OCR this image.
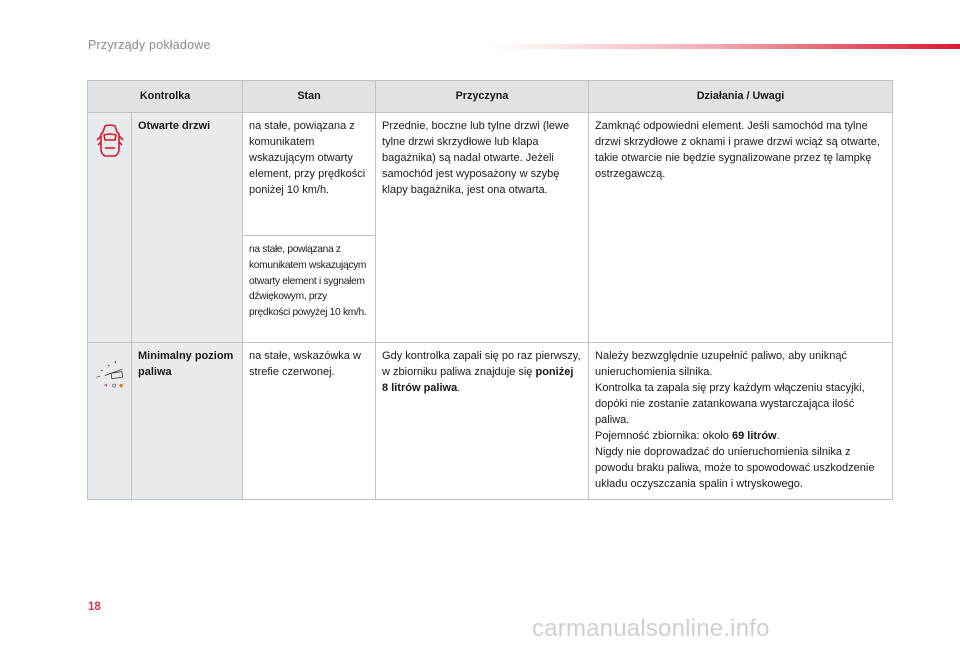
Przyrządy pokładowe
Kontrolka		Stan	Przyczyna	Działania / Uwagi

	Otwarte drzwi	na stałe, powiązana z komunikatem wskazującym otwarty element, przy prędkości poniżej 10 km/h.	Przednie, boczne lub tylne drzwi (lewe tylne drzwi skrzydłowe lub klapa bagażnika) są nadal otwarte. Jeżeli samochód jest wyposażony w szybę klapy bagażnika, jest ona otwarta.	Zamknąć odpowiedni element. Jeśli samochód ma tylne drzwi skrzydłowe z oknami i prawe drzwi wciąż są otwarte, takie otwarcie nie będzie sygnalizowane przez tę lampkę ostrzegawczą.
		na stałe, powiązana z komunikatem wskazującym otwarty element i sygnałem dźwiękowym, przy prędkości powyżej 10 km/h.		

0	Minimalny poziom paliwa	na stałe, wskazówka w strefie czerwonej.	Gdy kontrolka zapali się po raz pierwszy, w zbiorniku paliwa znajduje się poniżej 8 litrów paliwa.	Należy bezwzględnie uzupełnić paliwo, aby uniknąć unieruchomienia silnika.
Kontrolka ta zapala się przy każdym włączeniu stacyjki, dopóki nie zostanie zatankowana wystarczająca ilość paliwa.
Pojemność zbiornika: około 69 litrów.
Nigdy nie doprowadzać do unieruchomienia silnika z powodu braku paliwa, może to spowodować uszkodzenie układu oczyszczania spalin i wtryskowego.
18
carmanualsonline.info
